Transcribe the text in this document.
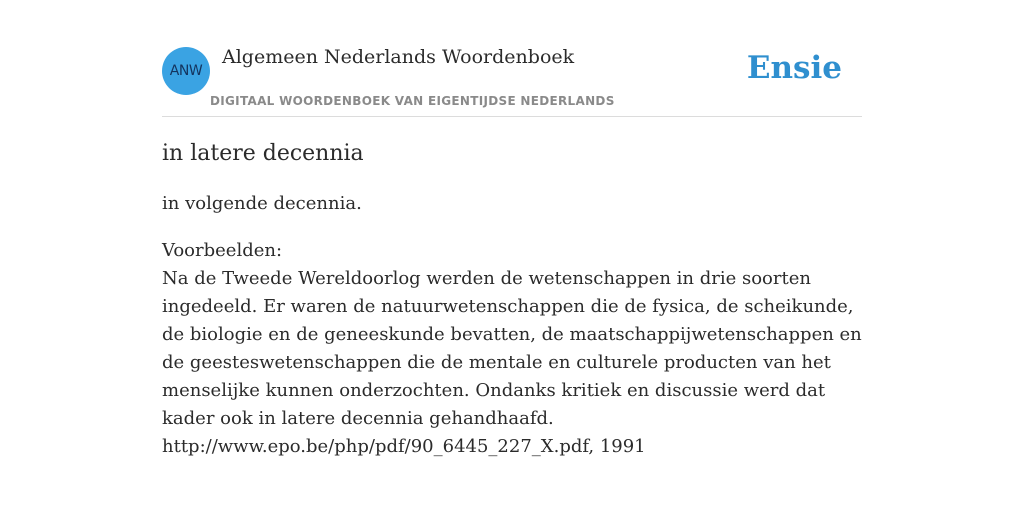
ANW
Algemeen Nederlands Woordenboek
DIGITAAL WOORDENBOEK VAN EIGENTIJDSE NEDERLANDS
Ensie
in latere decennia

in volgende decennia.

Voorbeelden:

Na de Tweede Wereldoorlog werden de wetenschappen in drie soorten ingedeeld. Er waren de natuurwetenschappen die de fysica, de scheikunde, de biologie en de geneeskunde bevatten, de maatschappijwetenschappen en de geesteswetenschappen die de mentale en culturele producten van het menselijke kunnen onderzochten. Ondanks kritiek en discussie werd dat kader ook in latere decennia gehandhaafd.

http://www.epo.be/php/pdf/90_6445_227_X.pdf, 1991
